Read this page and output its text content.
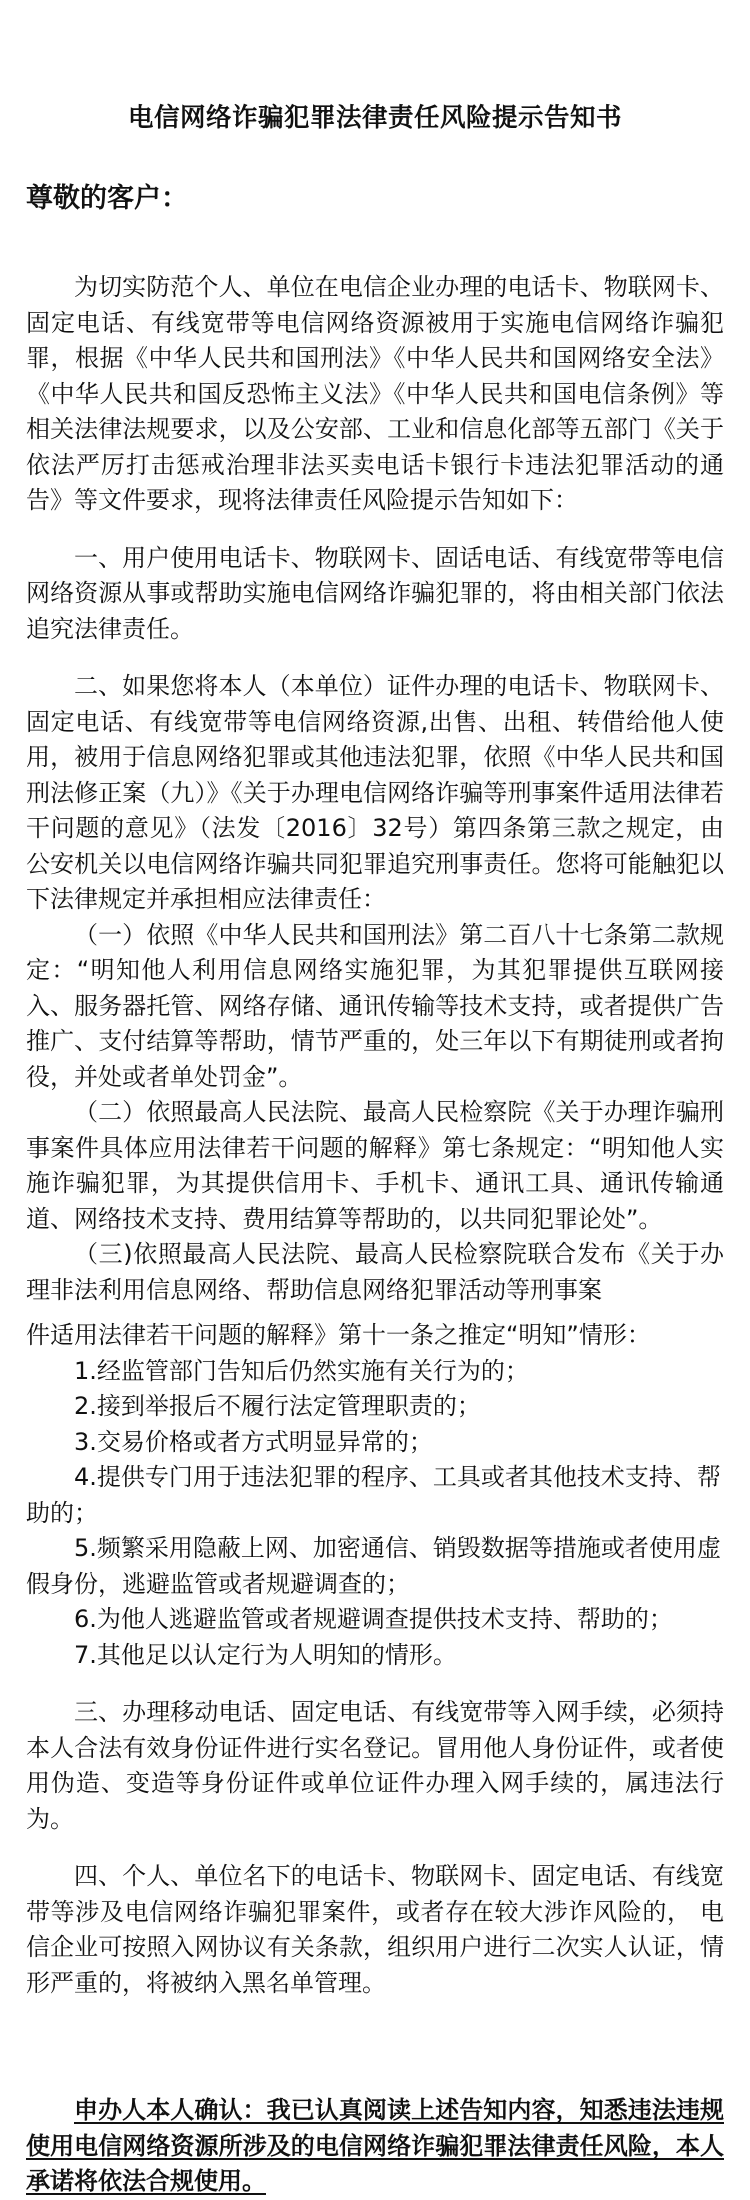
电信网络诈骗犯罪法律责任风险提示告知书
尊敬的客户：

为切实防范个人、单位在电信企业办理的电话卡、物联网卡、 固定电话、有线宽带等电信网络资源被用于实施电信网络诈骗犯罪，根据《中华人民共和国刑法》《中华人民共和国网络安全法》 《中华人民共和国反恐怖主义法》《中华人民共和国电信条例》等相关法律法规要求，以及公安部、工业和信息化部等五部门《关于依法严厉打击惩戒治理非法买卖电话卡银行卡违法犯罪活动的通告》等文件要求，现将法律责任风险提示告知如下：

一、用户使用电话卡、物联网卡、固话电话、有线宽带等电信网络资源从事或帮助实施电信网络诈骗犯罪的，将由相关部门依法追究法律责任。

二、如果您将本人（本单位）证件办理的电话卡、物联网卡、固定电话、有线宽带等电信网络资源,出售、出租、转借给他人使用，被用于信息网络犯罪或其他违法犯罪，依照《中华人民共和国刑法修正案（九）》《关于办理电信网络诈骗等刑事案件适用法律若干问题的意见》（法发〔2016〕32号）第四条第三款之规定，由公安机关以电信网络诈骗共同犯罪追究刑事责任。您将可能触犯以下法律规定并承担相应法律责任：

（一）依照《中华人民共和国刑法》第二百八十七条第二款规定：“明知他人利用信息网络实施犯罪，为其犯罪提供互联网接入、服务器托管、网络存储、通讯传输等技术支持，或者提供广告推广、支付结算等帮助，情节严重的，处三年以下有期徒刑或者拘役，并处或者单处罚金”。

（二）依照最高人民法院、最高人民检察院《关于办理诈骗刑事案件具体应用法律若干问题的解释》第七条规定：“明知他人实施诈骗犯罪，为其提供信用卡、手机卡、通讯工具、通讯传输通道、网络技术支持、费用结算等帮助的，以共同犯罪论处”。

（三)依照最高人民法院、最高人民检察院联合发布《关于办理非法利用信息网络、帮助信息网络犯罪活动等刑事案

件适用法律若干问题的解释》第十一条之推定“明知”情形：

1.经监管部门告知后仍然实施有关行为的；

2.接到举报后不履行法定管理职责的；

3.交易价格或者方式明显异常的；

4.提供专门用于违法犯罪的程序、工具或者其他技术支持、帮助的；

5.频繁采用隐蔽上网、加密通信、销毁数据等措施或者使用虚假身份，逃避监管或者规避调查的；

6.为他人逃避监管或者规避调查提供技术支持、帮助的；

7.其他足以认定行为人明知的情形。

三、办理移动电话、固定电话、有线宽带等入网手续，必须持本人合法有效身份证件进行实名登记。冒用他人身份证件，或者使用伪造、变造等身份证件或单位证件办理入网手续的，属违法行为。

四、个人、单位名下的电话卡、物联网卡、固定电话、有线宽带等涉及电信网络诈骗犯罪案件，或者存在较大涉诈风险的， 电信企业可按照入网协议有关条款，组织用户进行二次实人认证，情形严重的，将被纳入黑名单管理。

申办人本人确认：我已认真阅读上述告知内容，知悉违法违规使用电信网络资源所涉及的电信网络诈骗犯罪法律责任风险，本人承诺将依法合规使用。
